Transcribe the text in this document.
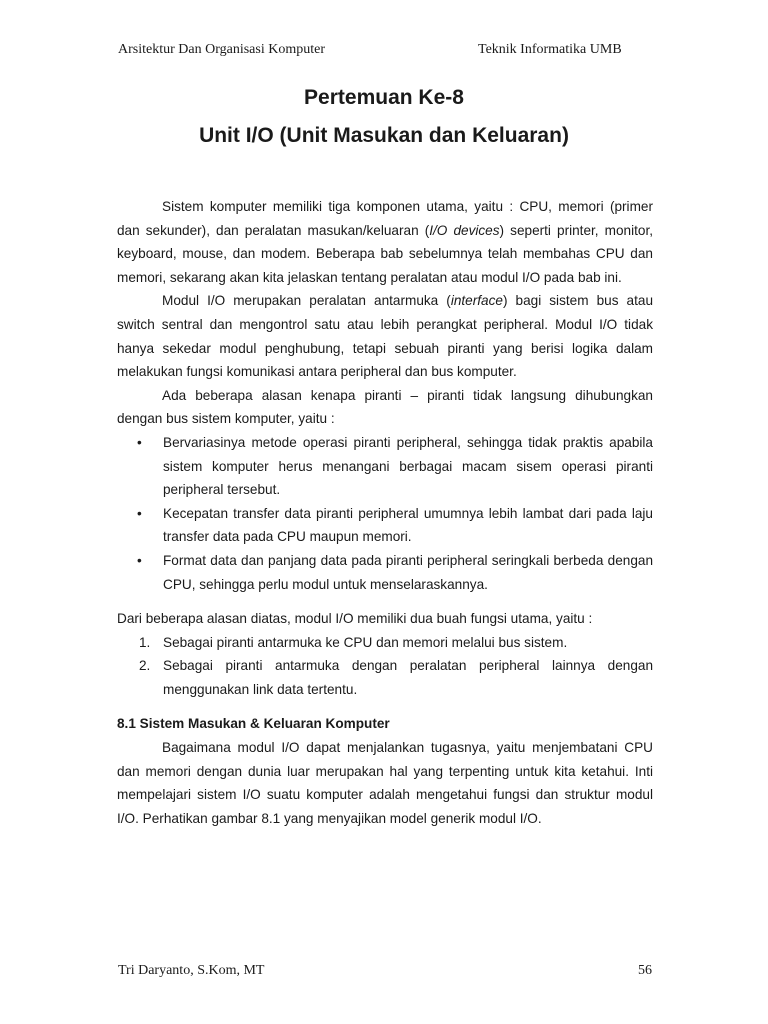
Arsitektur Dan Organisasi Komputer	Teknik Informatika UMB
Pertemuan Ke-8
Unit I/O (Unit Masukan dan Keluaran)

Sistem komputer memiliki tiga komponen utama, yaitu : CPU, memori (primer dan sekunder), dan peralatan masukan/keluaran (I/O devices) seperti printer, monitor, keyboard, mouse, dan modem. Beberapa bab sebelumnya telah membahas CPU dan memori, sekarang akan kita jelaskan tentang peralatan atau modul I/O pada bab ini.

Modul I/O merupakan peralatan antarmuka (interface) bagi sistem bus atau switch sentral dan mengontrol satu atau lebih perangkat peripheral. Modul I/O tidak hanya sekedar modul penghubung, tetapi sebuah piranti yang berisi logika dalam melakukan fungsi komunikasi antara peripheral dan bus komputer.

Ada beberapa alasan kenapa piranti – piranti tidak langsung dihubungkan dengan bus sistem komputer, yaitu :

• Bervariasinya metode operasi piranti peripheral, sehingga tidak praktis apabila sistem komputer herus menangani berbagai macam sisem operasi piranti peripheral tersebut.
• Kecepatan transfer data piranti peripheral umumnya lebih lambat dari pada laju transfer data pada CPU maupun memori.
• Format data dan panjang data pada piranti peripheral seringkali berbeda dengan CPU, sehingga perlu modul untuk menselaraskannya.

Dari beberapa alasan diatas, modul I/O memiliki dua buah fungsi utama, yaitu :

1. Sebagai piranti antarmuka ke CPU dan memori melalui bus sistem.
2. Sebagai piranti antarmuka dengan peralatan peripheral lainnya dengan menggunakan link data tertentu.

8.1 Sistem Masukan & Keluaran Komputer

Bagaimana modul I/O dapat menjalankan tugasnya, yaitu menjembatani CPU dan memori dengan dunia luar merupakan hal yang terpenting untuk kita ketahui. Inti mempelajari sistem I/O suatu komputer adalah mengetahui fungsi dan struktur modul I/O. Perhatikan gambar 8.1 yang menyajikan model generik modul I/O.

Tri Daryanto, S.Kom, MT	56
